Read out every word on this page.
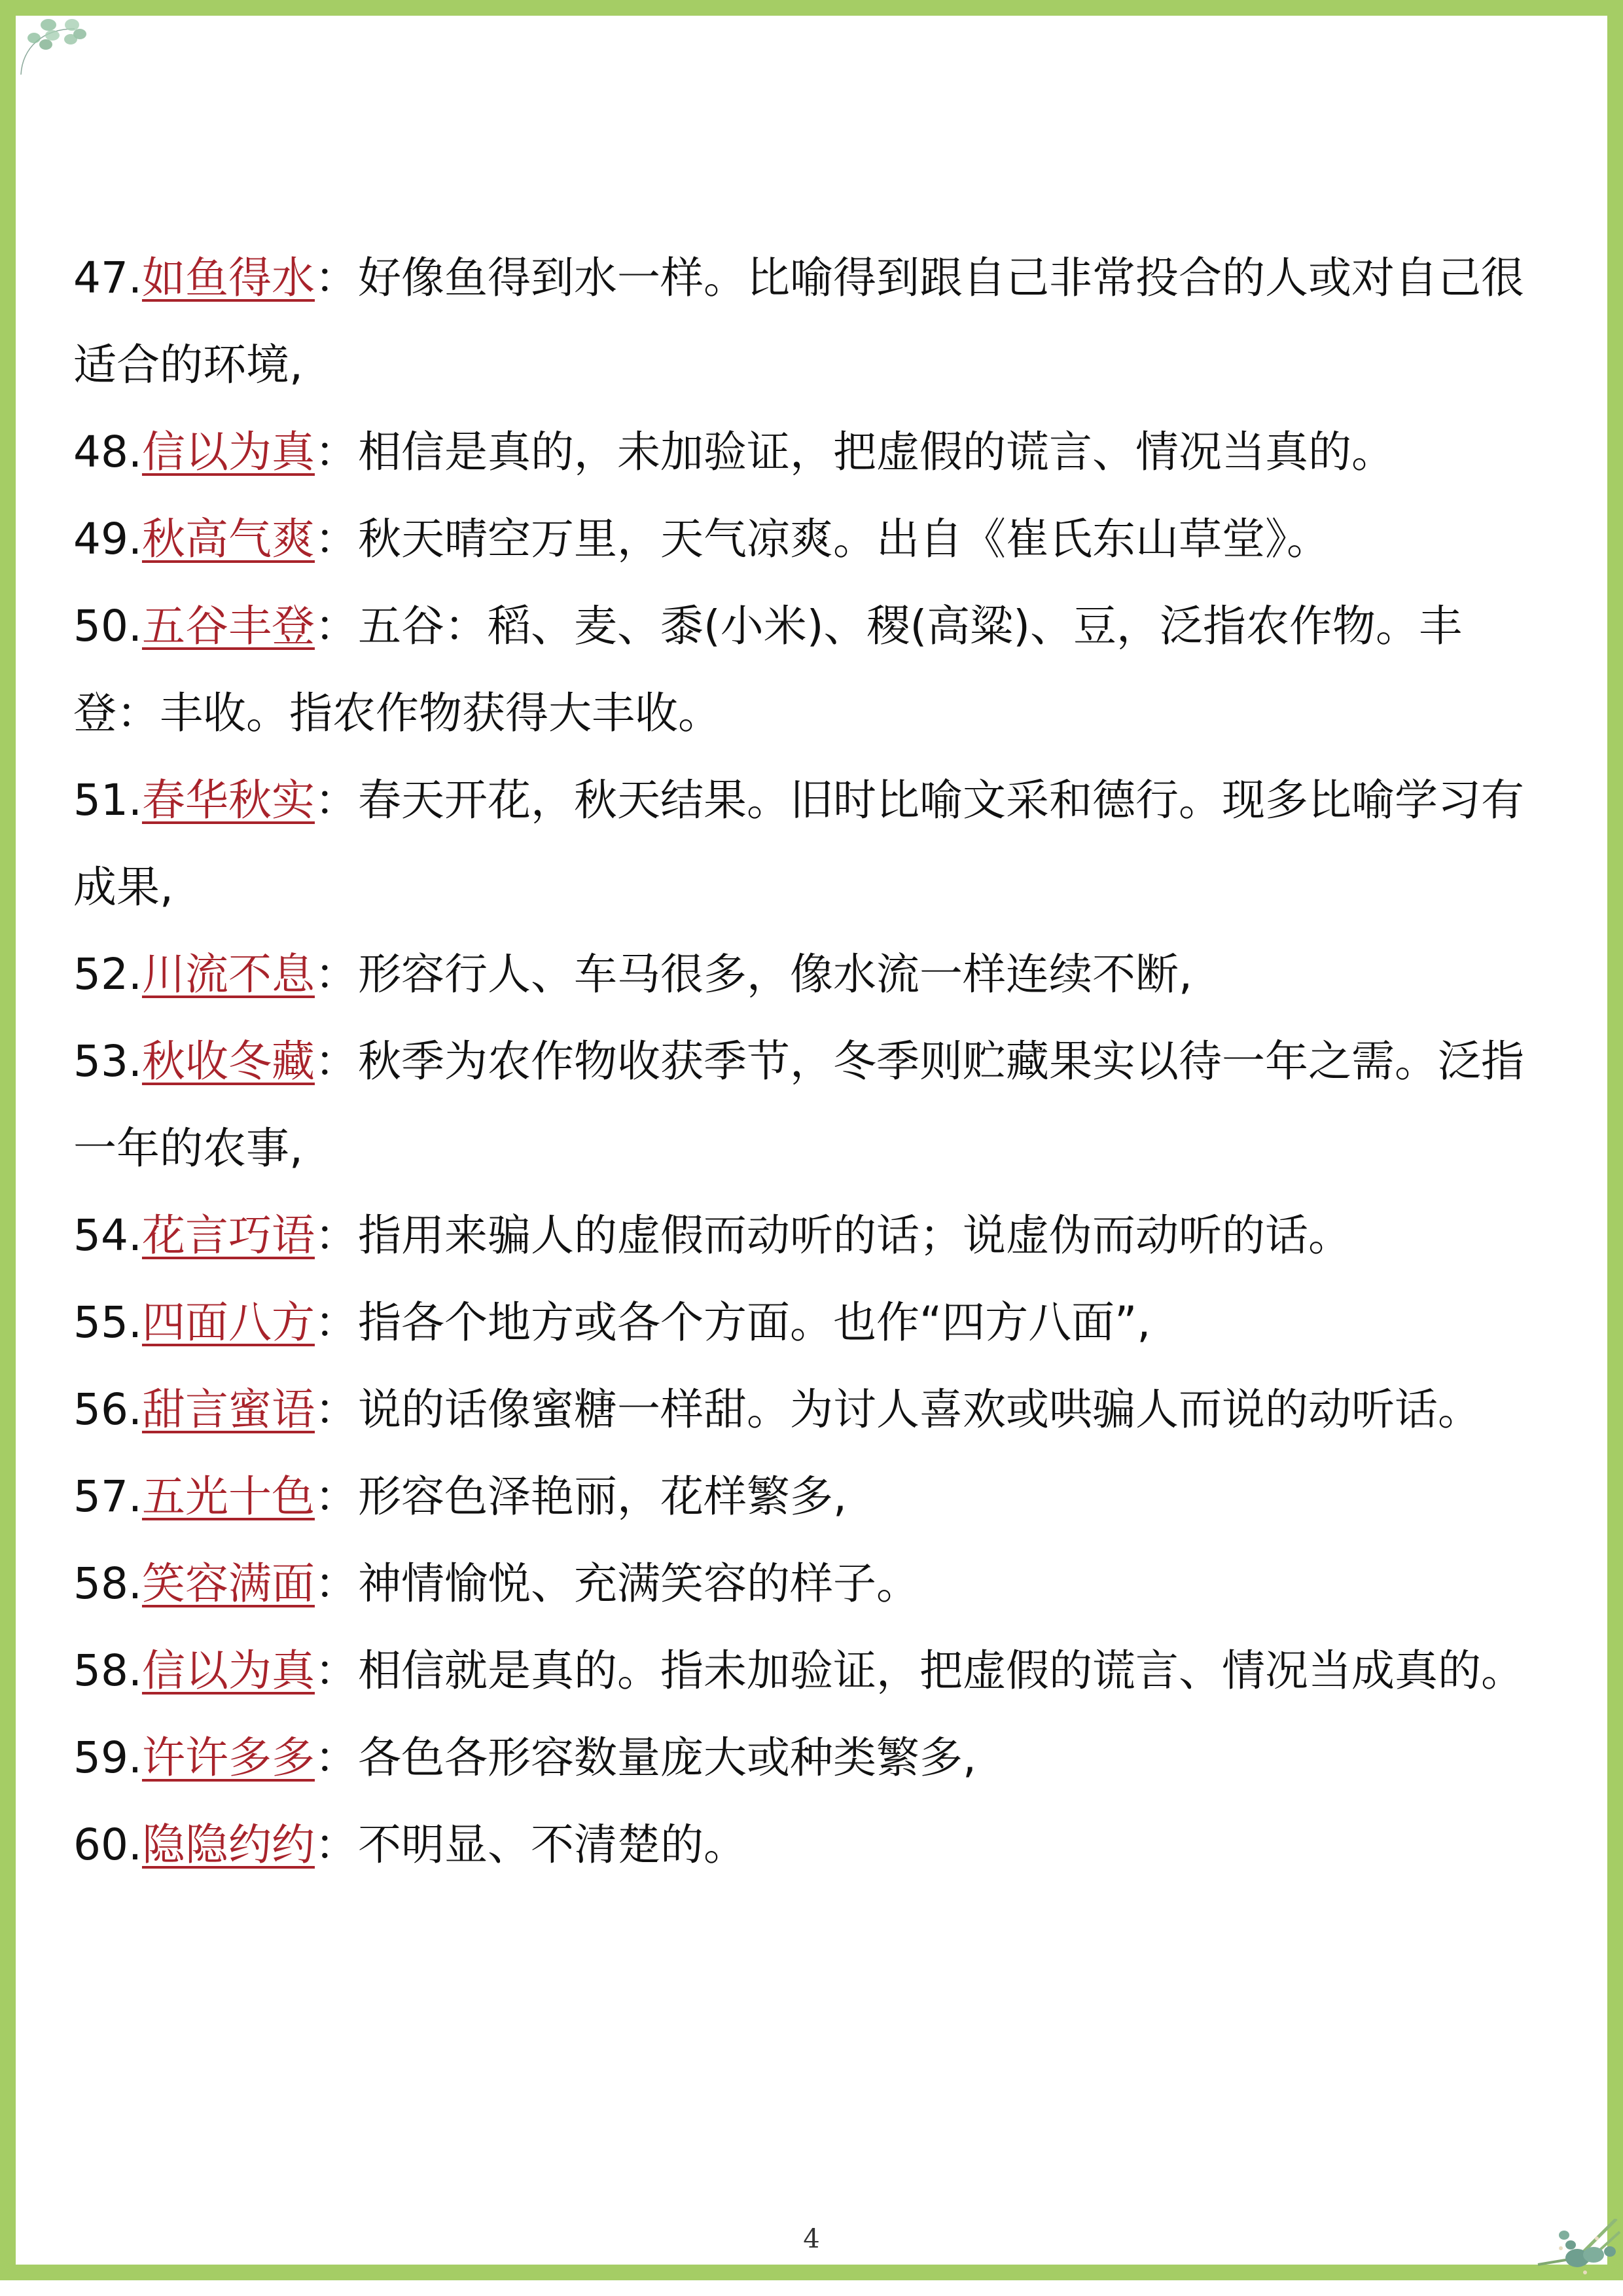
47.如鱼得水：好像鱼得到水一样。比喻得到跟自己非常投合的人或对自己很适合的环境,

48.信以为真：相信是真的，未加验证，把虚假的谎言、情况当真的。

49.秋高气爽：秋天晴空万里，天气凉爽。出自《崔氏东山草堂》。

50.五谷丰登：五谷：稻、麦、黍(小米)、稷(高粱)、豆，泛指农作物。丰登：丰收。指农作物获得大丰收。

51.春华秋实：春天开花，秋天结果。旧时比喻文采和德行。现多比喻学习有成果,

52.川流不息：形容行人、车马很多，像水流一样连续不断,

53.秋收冬藏：秋季为农作物收获季节，冬季则贮藏果实以待一年之需。泛指一年的农事,

54.花言巧语：指用来骗人的虚假而动听的话；说虚伪而动听的话。

55.四面八方：指各个地方或各个方面。也作“四方八面”,

56.甜言蜜语：说的话像蜜糖一样甜。为讨人喜欢或哄骗人而说的动听话。

57.五光十色：形容色泽艳丽，花样繁多,

58.笑容满面：神情愉悦、充满笑容的样子。

58.信以为真：相信就是真的。指未加验证，把虚假的谎言、情况当成真的。

59.许许多多：各色各形容数量庞大或种类繁多,

60.隐隐约约：不明显、不清楚的。

4
